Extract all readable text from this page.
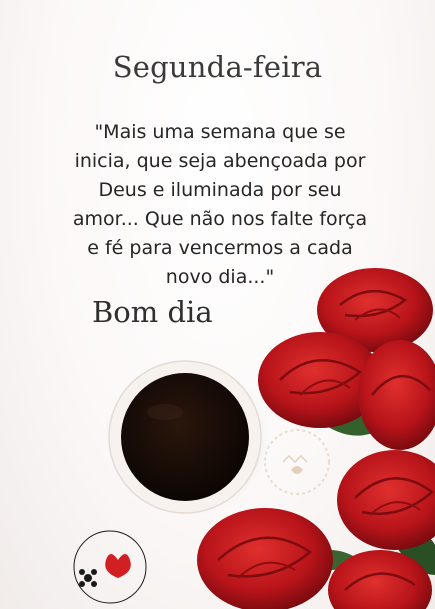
Segunda-feira
"Mais uma semana que se
inicia, que seja abençoada por
Deus e iluminada por seu
amor... Que não nos falte força
e fé para vencermos a cada
novo dia..."
Bom dia
